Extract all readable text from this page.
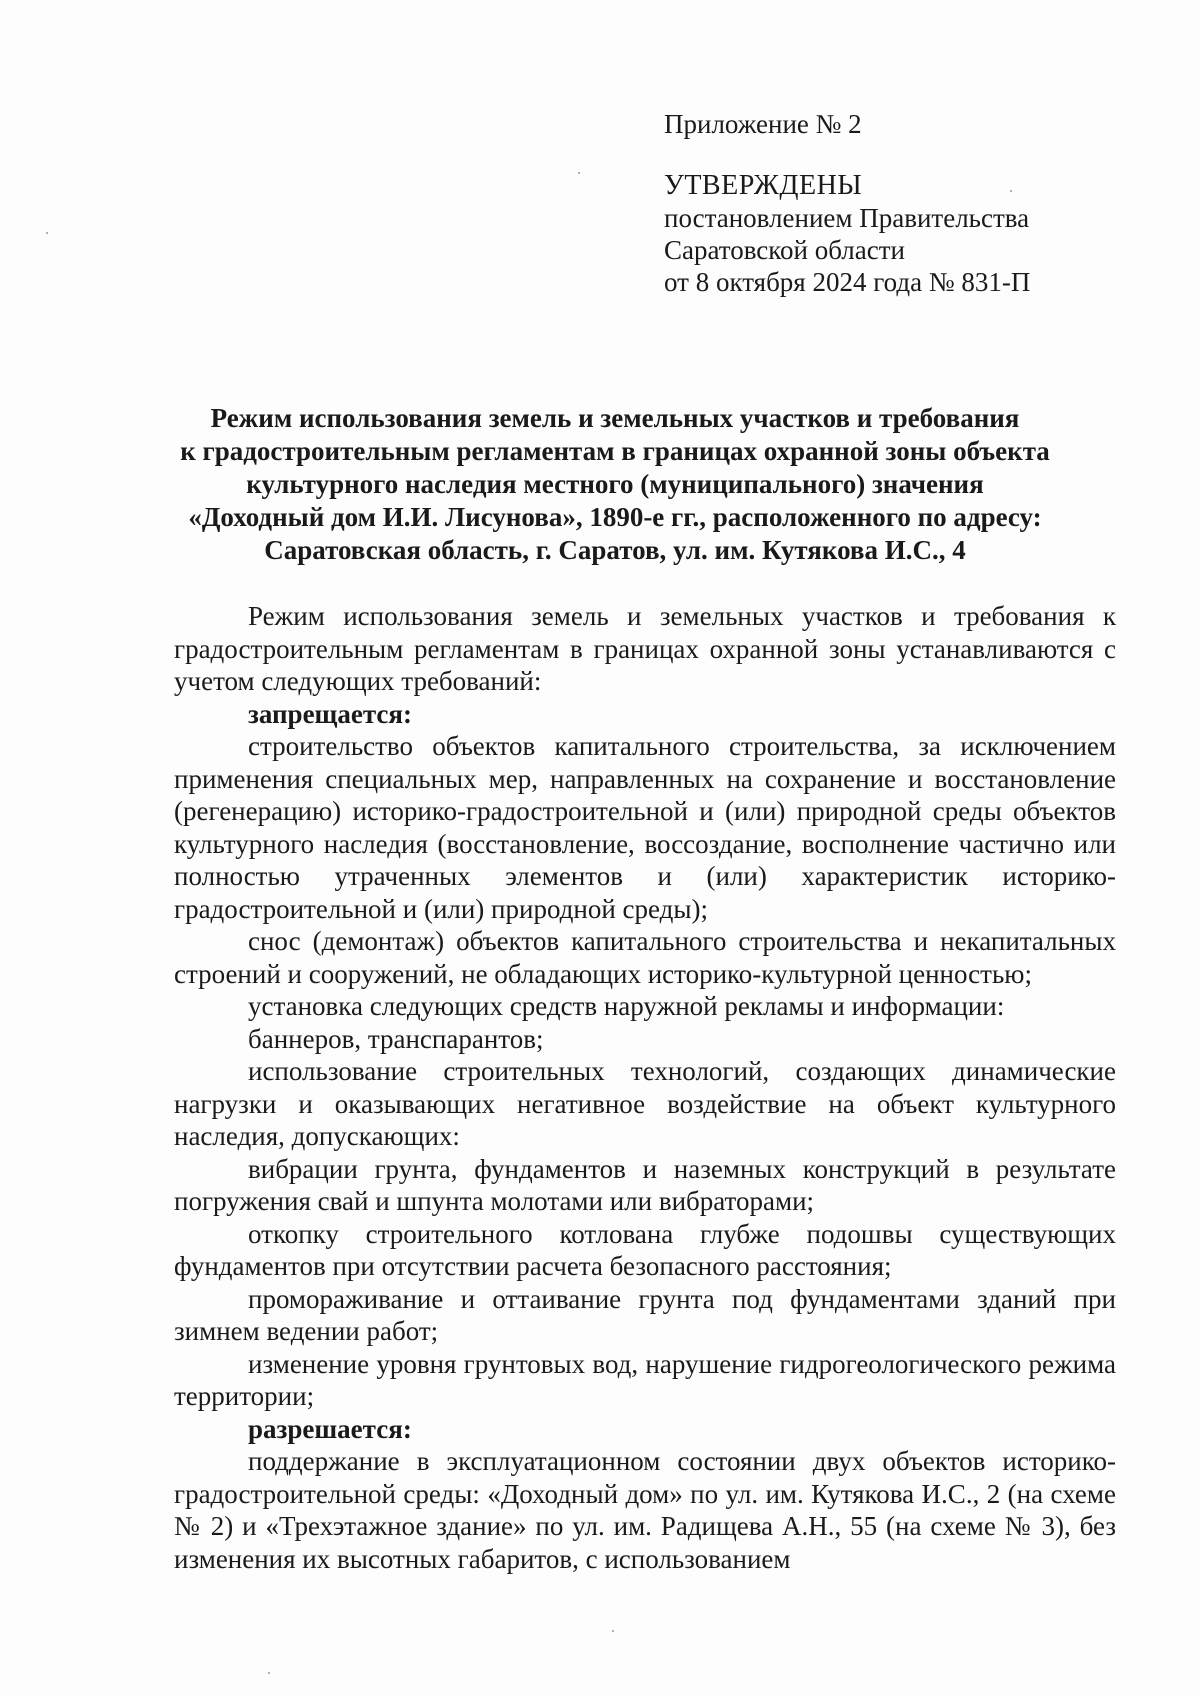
Приложение № 2
УТВЕРЖДЕНЫ
постановлением Правительства
Саратовской области
от 8 октября 2024 года № 831-П
Режим использования земель и земельных участков и требования
к градостроительным регламентам в границах охранной зоны объекта
культурного наследия местного (муниципального) значения
«Доходный дом И.И. Лисунова», 1890-е гг., расположенного по адресу:
Саратовская область, г. Саратов, ул. им. Кутякова И.С., 4

Режим использования земель и земельных участков и требования к градостроительным регламентам в границах охранной зоны устанавливаются с учетом следующих требований:

запрещается:

строительство объектов капитального строительства, за исключением применения специальных мер, направленных на сохранение и восстановление (регенерацию) историко-градостроительной и (или) природной среды объектов культурного наследия (восстановление, воссоздание, восполнение частично или полностью утраченных элементов и (или) характеристик историко-градостроительной и (или) природной среды);

снос (демонтаж) объектов капитального строительства и некапитальных строений и сооружений, не обладающих историко-культурной ценностью;

установка следующих средств наружной рекламы и информации:

баннеров, транспарантов;

использование строительных технологий, создающих динамические нагрузки и оказывающих негативное воздействие на объект культурного наследия, допускающих:

вибрации грунта, фундаментов и наземных конструкций в результате погружения свай и шпунта молотами или вибраторами;

откопку строительного котлована глубже подошвы существующих фундаментов при отсутствии расчета безопасного расстояния;

промораживание и оттаивание грунта под фундаментами зданий при зимнем ведении работ;

изменение уровня грунтовых вод, нарушение гидрогеологического режима территории;

разрешается:

поддержание в эксплуатационном состоянии двух объектов историко-градостроительной среды: «Доходный дом» по ул. им. Кутякова И.С., 2 (на схеме № 2) и «Трехэтажное здание» по ул. им. Радищева А.Н., 55 (на схеме № 3), без изменения их высотных габаритов, с использованием
